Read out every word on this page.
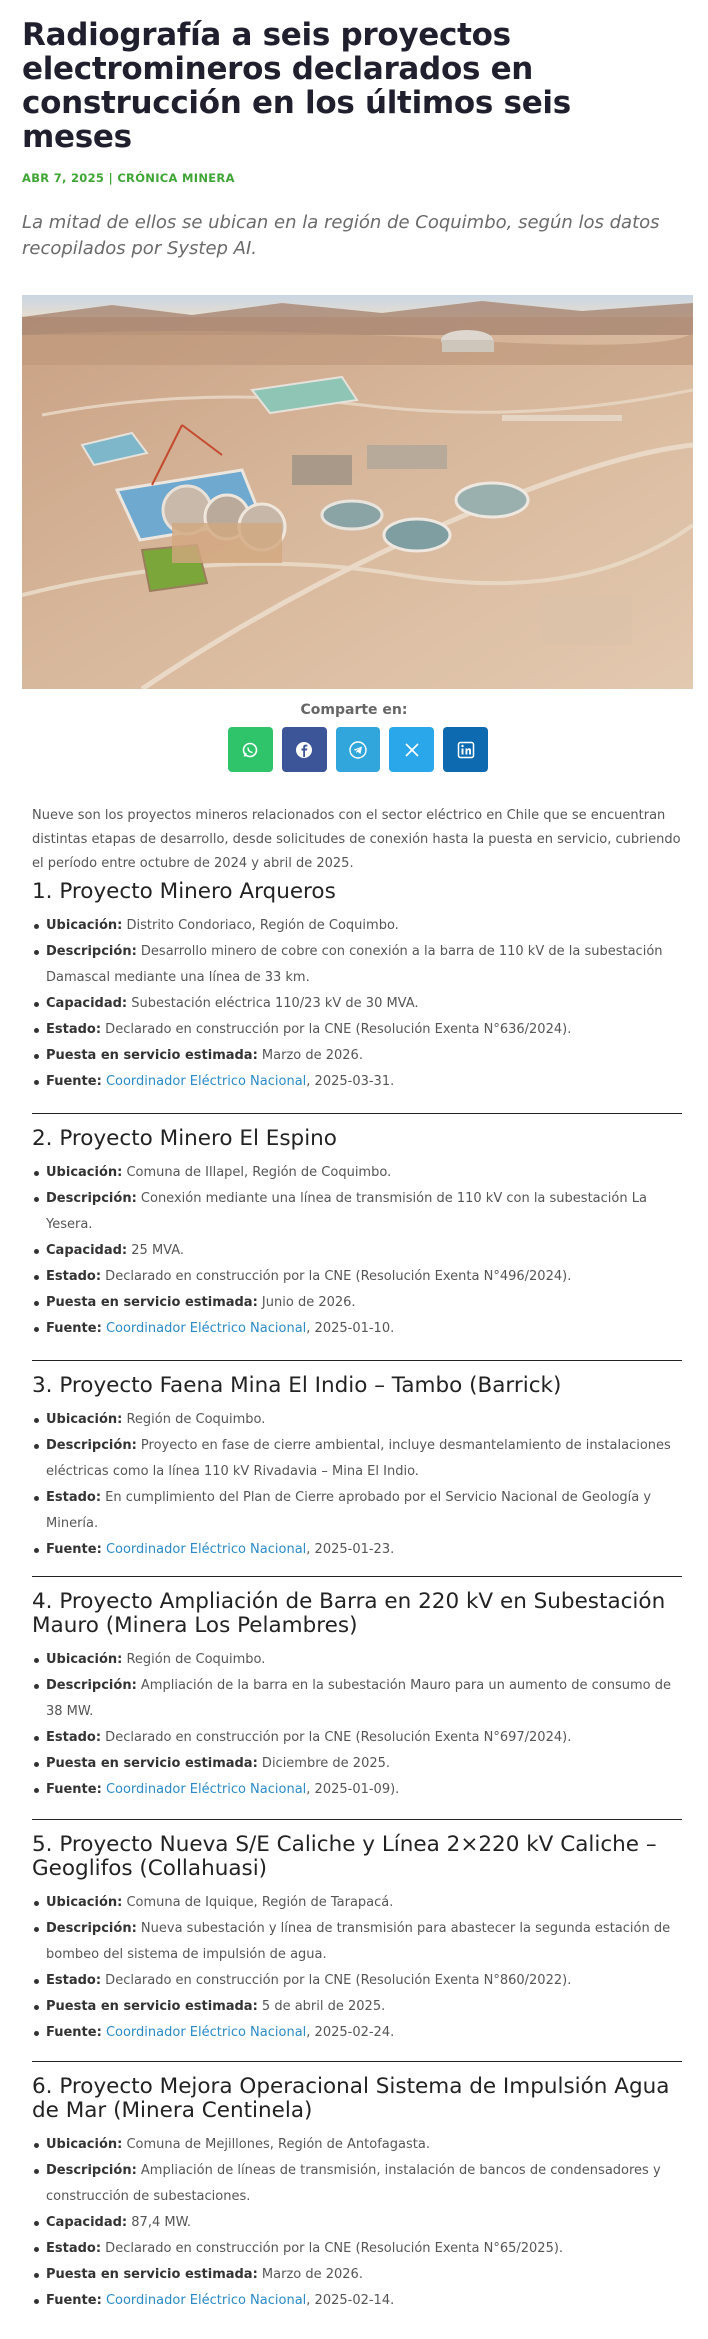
Radiografía a seis proyectos electromineros declarados en construcción en los últimos seis meses
ABR 7, 2025 | CRÓNICA MINERA

La mitad de ellos se ubican en la región de Coquimbo, según los datos recopilados por Systep AI.

Comparte en:

Nueve son los proyectos mineros relacionados con el sector eléctrico en Chile que se encuentran distintas etapas de desarrollo, desde solicitudes de conexión hasta la puesta en servicio, cubriendo el período entre octubre de 2024 y abril de 2025.

1. Proyecto Minero Arqueros
Ubicación: Distrito Condoriaco, Región de Coquimbo.
Descripción: Desarrollo minero de cobre con conexión a la barra de 110 kV de la subestación Damascal mediante una línea de 33 km.
Capacidad: Subestación eléctrica 110/23 kV de 30 MVA.
Estado: Declarado en construcción por la CNE (Resolución Exenta N°636/2024).
Puesta en servicio estimada: Marzo de 2026.
Fuente: Coordinador Eléctrico Nacional, 2025-03-31.
2. Proyecto Minero El Espino
Ubicación: Comuna de Illapel, Región de Coquimbo.
Descripción: Conexión mediante una línea de transmisión de 110 kV con la subestación La Yesera.
Capacidad: 25 MVA.
Estado: Declarado en construcción por la CNE (Resolución Exenta N°496/2024).
Puesta en servicio estimada: Junio de 2026.
Fuente: Coordinador Eléctrico Nacional, 2025-01-10.
3. Proyecto Faena Mina El Indio – Tambo (Barrick)
Ubicación: Región de Coquimbo.
Descripción: Proyecto en fase de cierre ambiental, incluye desmantelamiento de instalaciones eléctricas como la línea 110 kV Rivadavia – Mina El Indio.
Estado: En cumplimiento del Plan de Cierre aprobado por el Servicio Nacional de Geología y Minería.
Fuente: Coordinador Eléctrico Nacional, 2025-01-23.
4. Proyecto Ampliación de Barra en 220 kV en Subestación Mauro (Minera Los Pelambres)
Ubicación: Región de Coquimbo.
Descripción: Ampliación de la barra en la subestación Mauro para un aumento de consumo de 38 MW.
Estado: Declarado en construcción por la CNE (Resolución Exenta N°697/2024).
Puesta en servicio estimada: Diciembre de 2025.
Fuente: Coordinador Eléctrico Nacional, 2025-01-09).
5. Proyecto Nueva S/E Caliche y Línea 2×220 kV Caliche – Geoglifos (Collahuasi)
Ubicación: Comuna de Iquique, Región de Tarapacá.
Descripción: Nueva subestación y línea de transmisión para abastecer la segunda estación de bombeo del sistema de impulsión de agua.
Estado: Declarado en construcción por la CNE (Resolución Exenta N°860/2022).
Puesta en servicio estimada: 5 de abril de 2025.
Fuente: Coordinador Eléctrico Nacional, 2025-02-24.
6. Proyecto Mejora Operacional Sistema de Impulsión Agua de Mar (Minera Centinela)
Ubicación: Comuna de Mejillones, Región de Antofagasta.
Descripción: Ampliación de líneas de transmisión, instalación de bancos de condensadores y construcción de subestaciones.
Capacidad: 87,4 MW.
Estado: Declarado en construcción por la CNE (Resolución Exenta N°65/2025).
Puesta en servicio estimada: Marzo de 2026.
Fuente: Coordinador Eléctrico Nacional, 2025-02-14.
